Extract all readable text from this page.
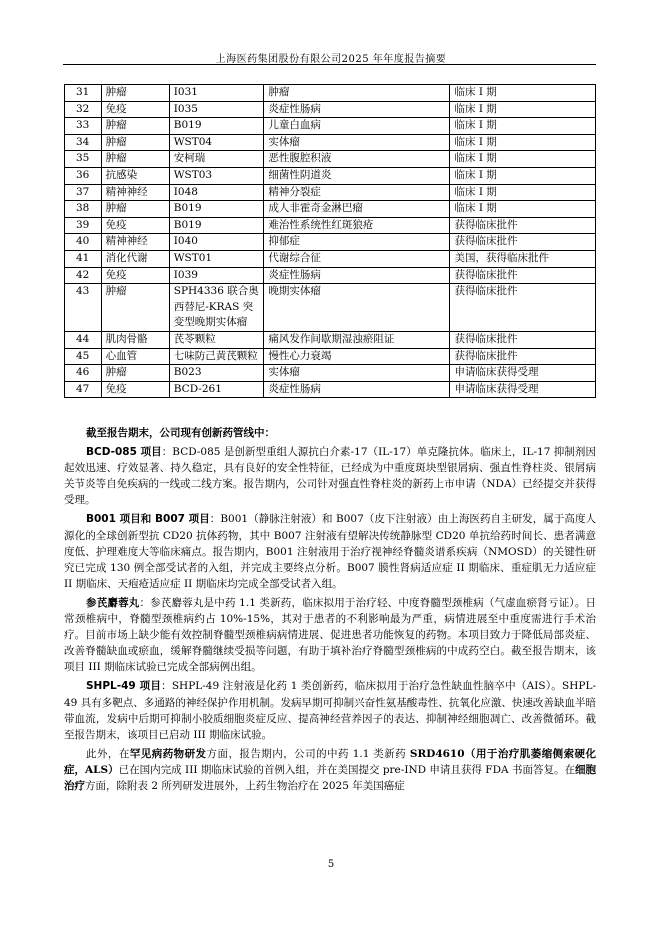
上海医药集团股份有限公司2025 年年度报告摘要
31	肿瘤	I031	肿瘤	临床 I 期
32	免疫	I035	炎症性肠病	临床 I 期
33	肿瘤	B019	儿童白血病	临床 I 期
34	肿瘤	WST04	实体瘤	临床 I 期
35	肿瘤	安柯瑞	恶性腹腔积液	临床 I 期
36	抗感染	WST03	细菌性阴道炎	临床 I 期
37	精神神经	I048	精神分裂症	临床 I 期
38	肿瘤	B019	成人非霍奇金淋巴瘤	临床 I 期
39	免疫	B019	难治性系统性红斑狼疮	获得临床批件
40	精神神经	I040	抑郁症	获得临床批件
41	消化代谢	WST01	代谢综合征	美国，获得临床批件
42	免疫	I039	炎症性肠病	获得临床批件
43	肿瘤	SPH4336 联合奥西替尼-KRAS 突变型晚期实体瘤	晚期实体瘤	获得临床批件
44	肌肉骨骼	芪苓颗粒	痛风发作间歇期湿浊瘀阻证	获得临床批件
45	心血管	七味防己黄芪颗粒	慢性心力衰竭	获得临床批件
46	肿瘤	B023	实体瘤	申请临床获得受理
47	免疫	BCD-261	炎症性肠病	申请临床获得受理

截至报告期末，公司现有创新药管线中：

BCD-085 项目：BCD-085 是创新型重组人源抗白介素-17（IL-17）单克隆抗体。临床上，IL-17 抑制剂因起效迅速、疗效显著、持久稳定，具有良好的安全性特征，已经成为中重度斑块型银屑病、强直性脊柱炎、银屑病关节炎等自免疾病的一线或二线方案。报告期内，公司针对强直性脊柱炎的新药上市申请（NDA）已经提交并获得受理。

B001 项目和 B007 项目：B001（静脉注射液）和 B007（皮下注射液）由上海医药自主研发，属于高度人源化的全球创新型抗 CD20 抗体药物，其中 B007 注射液有望解决传统静脉型 CD20 单抗给药时间长、患者满意度低、护理难度大等临床痛点。报告期内，B001 注射液用于治疗视神经脊髓炎谱系疾病（NMOSD）的关键性研究已完成 130 例全部受试者的入组，并完成主要终点分析。B007 膜性肾病适应症 II 期临床、重症肌无力适应症 II 期临床、天疱疮适应症 II 期临床均完成全部受试者入组。

参芪麝蓉丸：参芪麝蓉丸是中药 1.1 类新药，临床拟用于治疗轻、中度脊髓型颈椎病（气虚血瘀肾亏证）。日常颈椎病中，脊髓型颈椎病约占 10%-15%，其对于患者的不利影响最为严重，病情进展至中重度需进行手术治疗。目前市场上缺少能有效控制脊髓型颈椎病病情进展、促进患者功能恢复的药物。本项目致力于降低局部炎症、改善脊髓缺血或瘀血，缓解脊髓继续受损等问题，有助于填补治疗脊髓型颈椎病的中成药空白。截至报告期末，该项目 III 期临床试验已完成全部病例出组。

SHPL-49 项目：SHPL-49 注射液是化药 1 类创新药，临床拟用于治疗急性缺血性脑卒中（AIS）。SHPL-49 具有多靶点、多通路的神经保护作用机制。发病早期可抑制兴奋性氨基酸毒性、抗氧化应激、快速改善缺血半暗带血流，发病中后期可抑制小胶质细胞炎症反应、提高神经营养因子的表达、抑制神经细胞凋亡、改善微循环。截至报告期末，该项目已启动 III 期临床试验。

此外，在罕见病药物研发方面，报告期内，公司的中药 1.1 类新药 SRD4610（用于治疗肌萎缩侧索硬化症，ALS）已在国内完成 III 期临床试验的首例入组，并在美国提交 pre-IND 申请且获得 FDA 书面答复。在细胞治疗方面，除附表 2 所列研发进展外，上药生物治疗在 2025 年美国癌症

5
